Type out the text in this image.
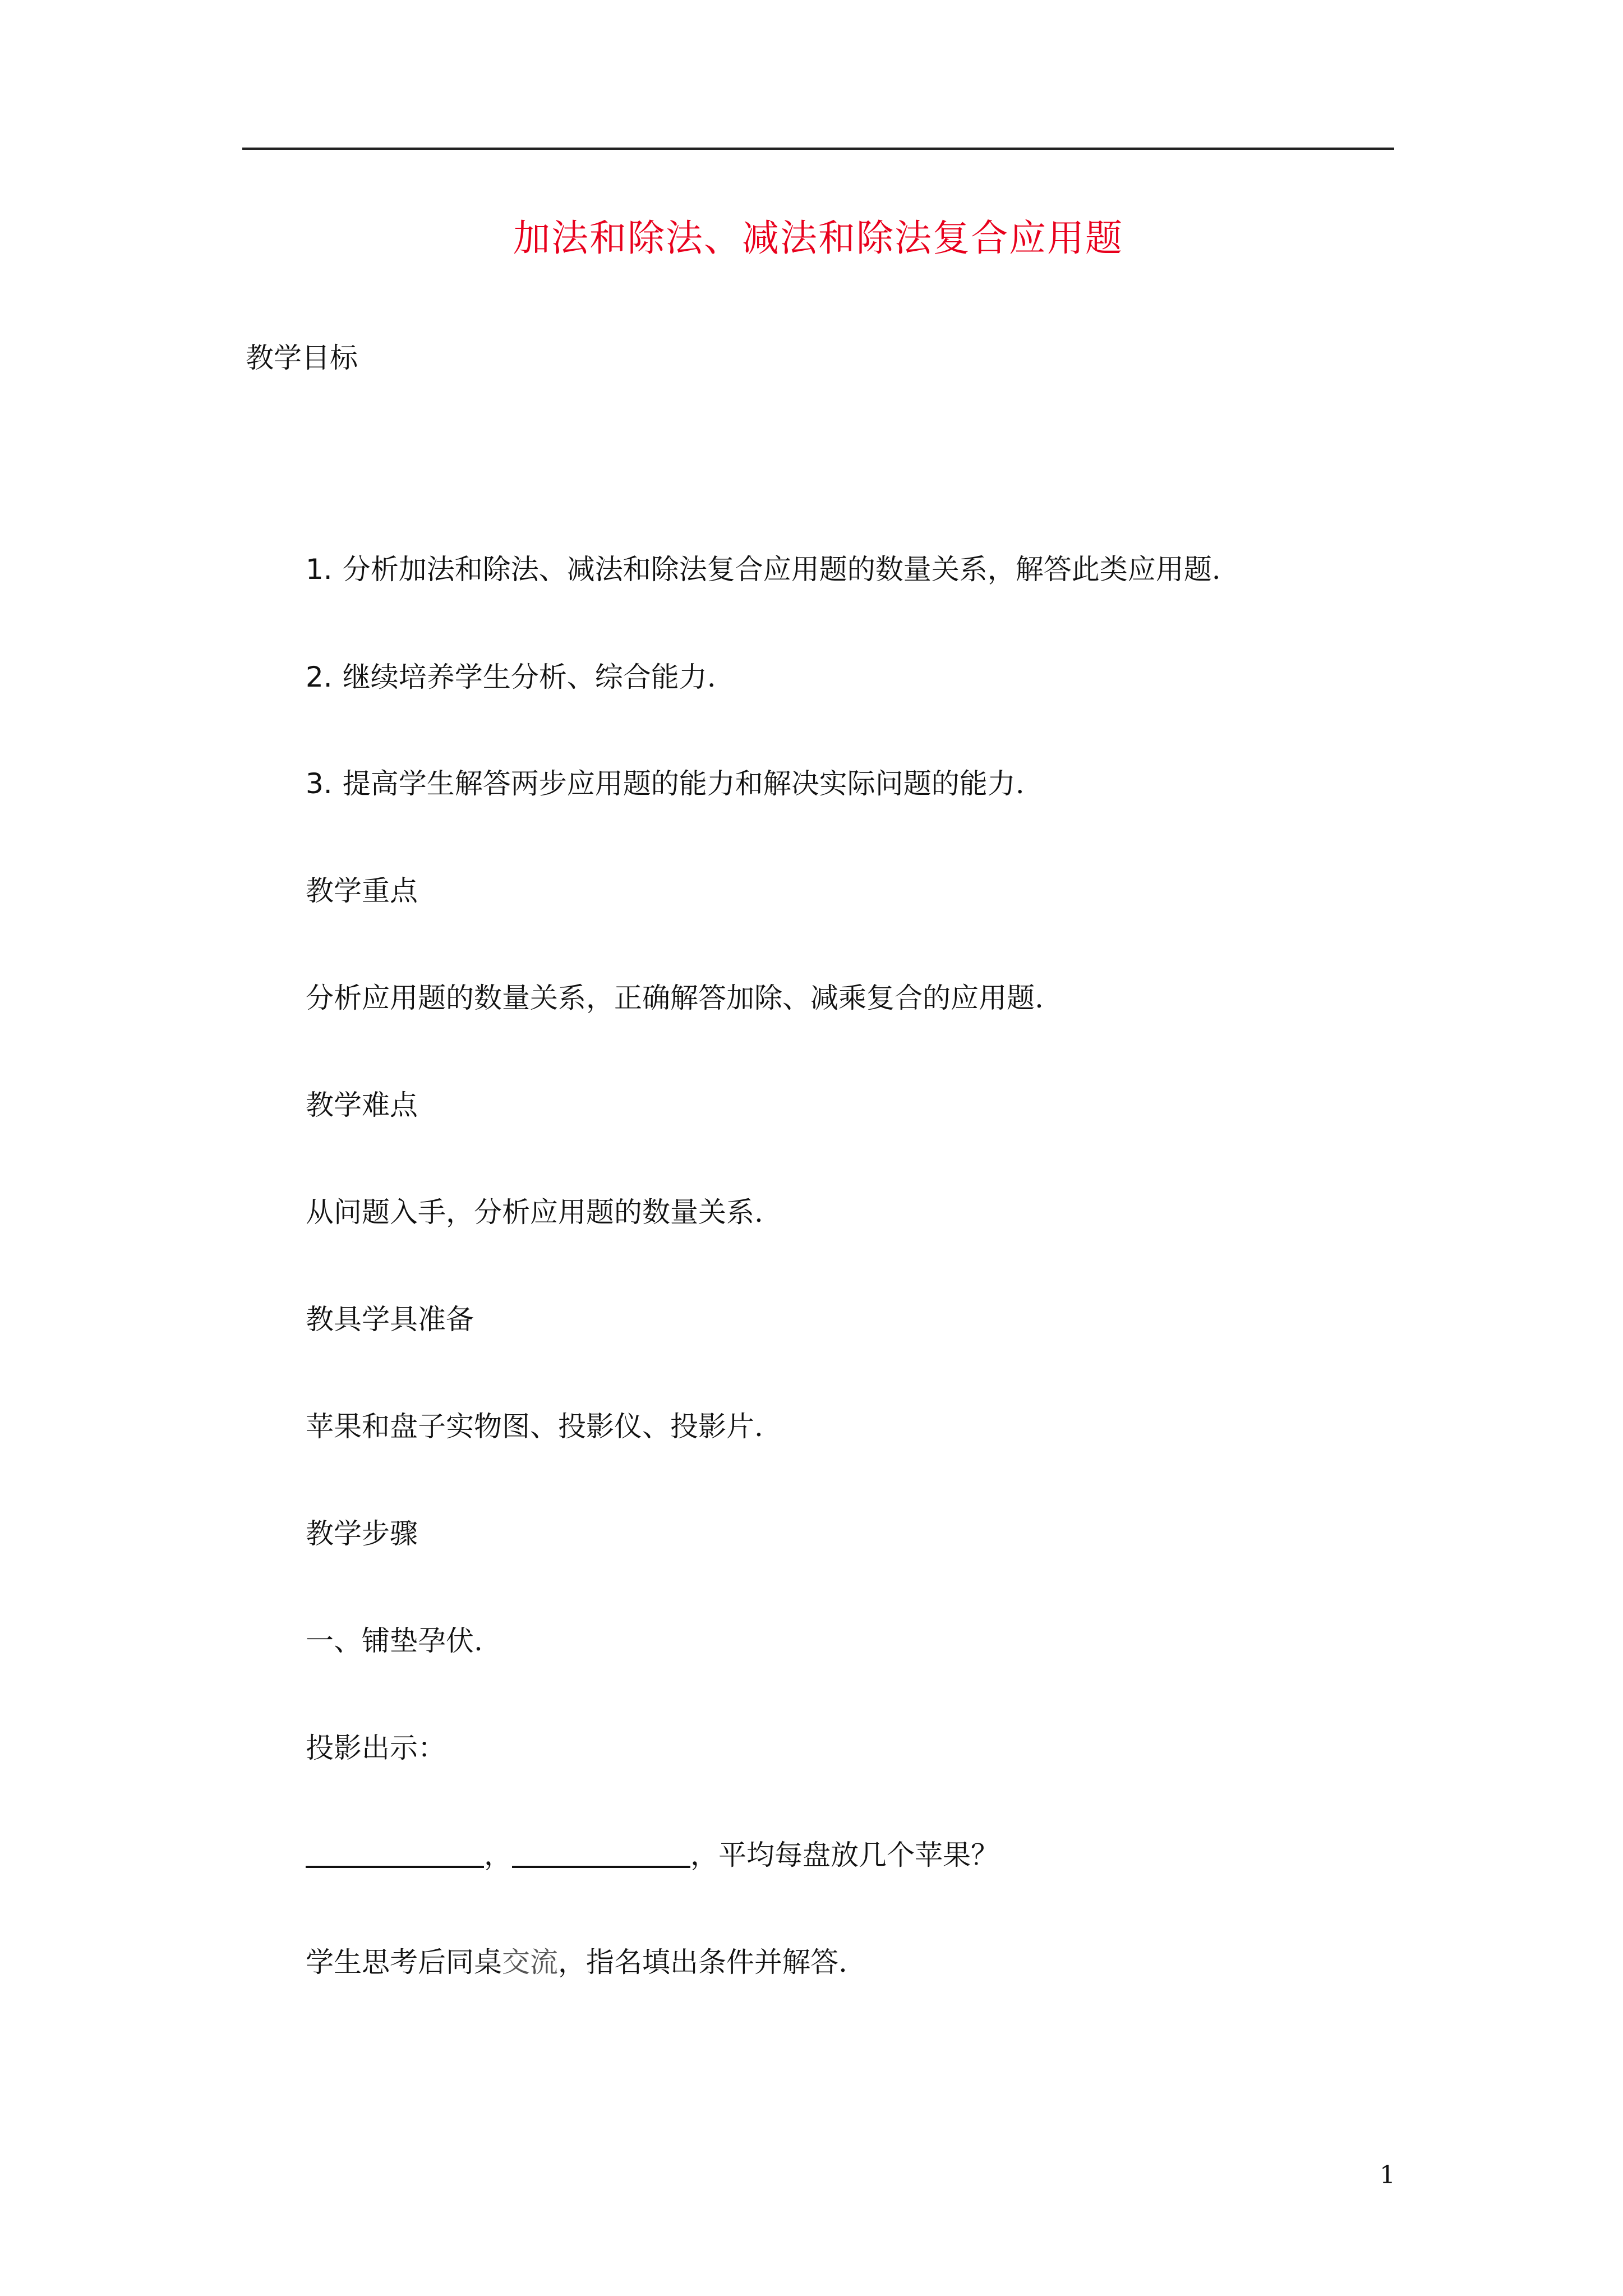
加法和除法、减法和除法复合应用题
教学目标
1. 分析加法和除法、减法和除法复合应用题的数量关系，解答此类应用题.
2. 继续培养学生分析、综合能力.
3. 提高学生解答两步应用题的能力和解决实际问题的能力.
教学重点
分析应用题的数量关系，正确解答加除、减乘复合的应用题.
教学难点
从问题入手，分析应用题的数量关系.
教具学具准备
苹果和盘子实物图、投影仪、投影片.
教学步骤
一、铺垫孕伏.
投影出示：
，	，平均每盘放几个苹果？
学生思考后同桌交流，指名填出条件并解答.
1
